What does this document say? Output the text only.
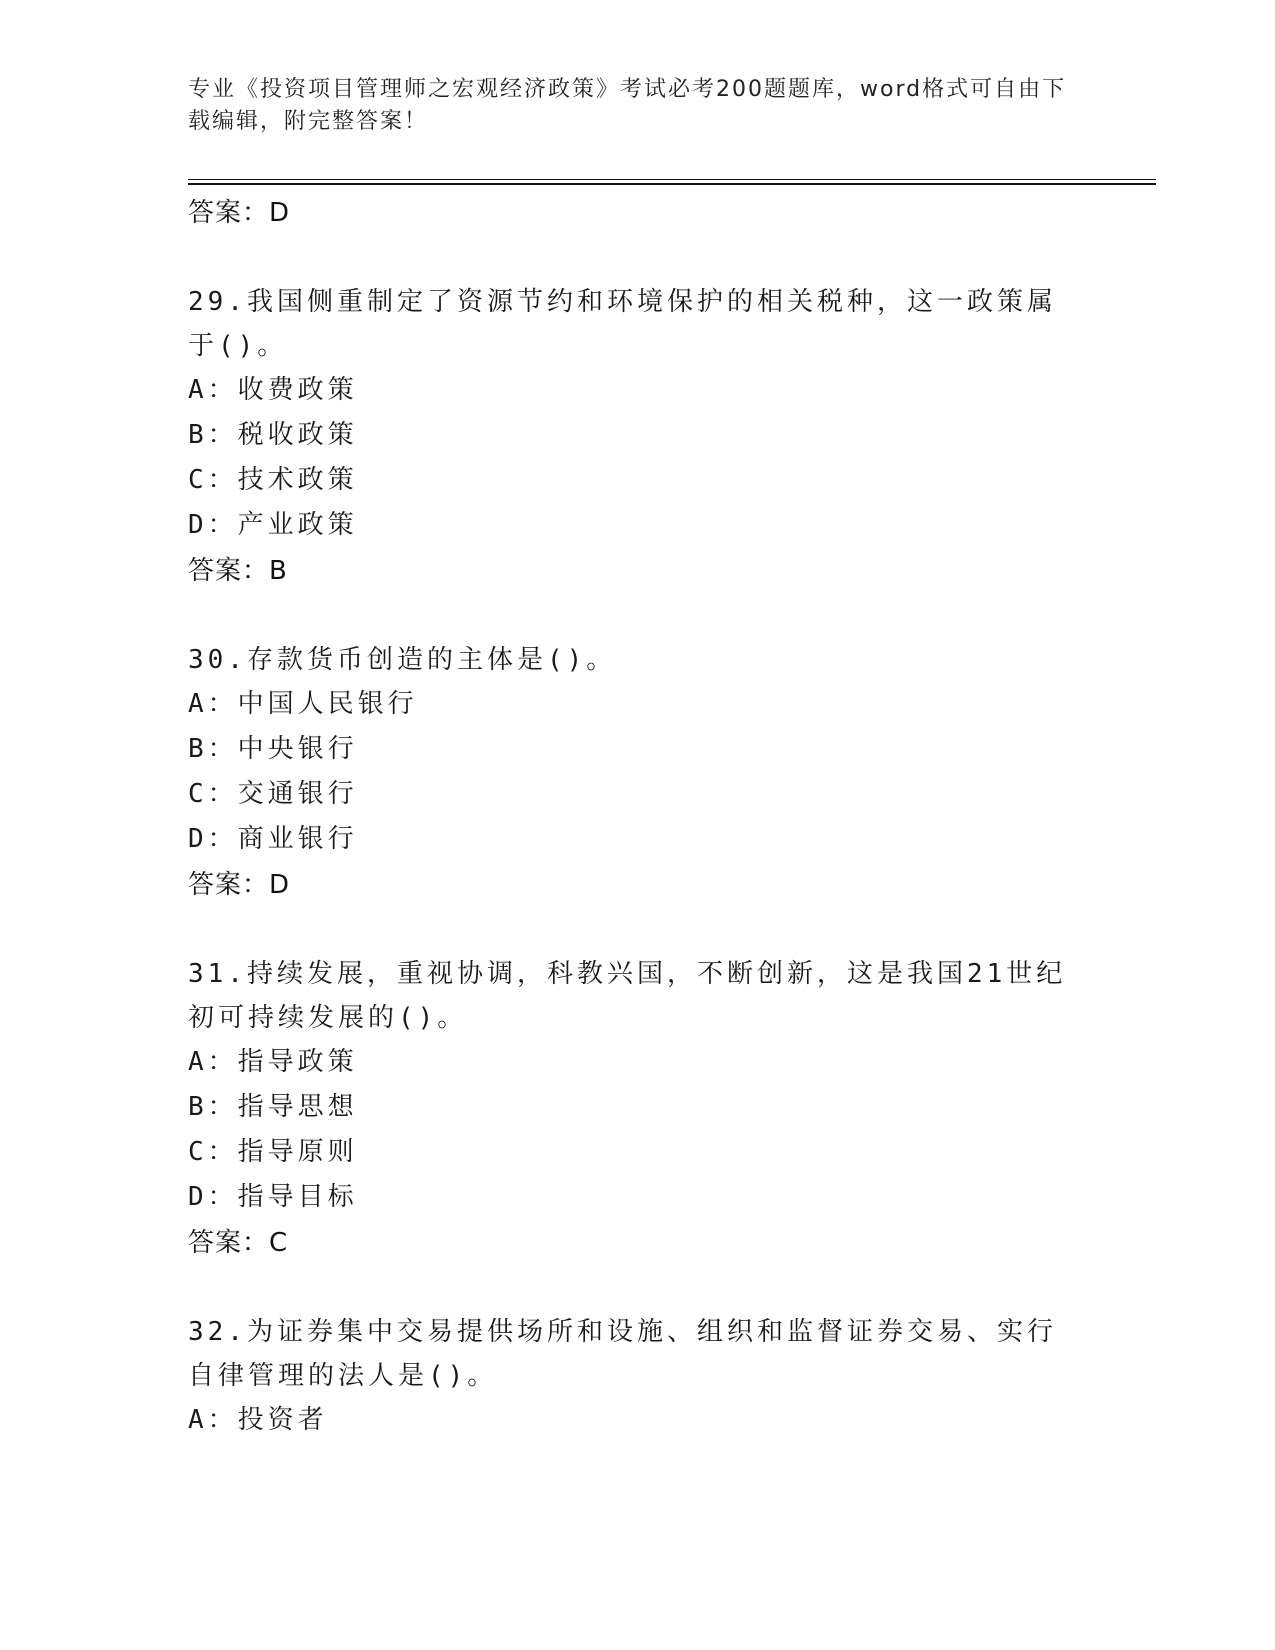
专业《投资项目管理师之宏观经济政策》考试必考200题题库，word格式可自由下载编辑，附完整答案！
答案：D
29.我国侧重制定了资源节约和环境保护的相关税种，这一政策属于()。
A：收费政策
B：税收政策
C：技术政策
D：产业政策
答案：B
30.存款货币创造的主体是()。
A：中国人民银行
B：中央银行
C：交通银行
D：商业银行
答案：D
31.持续发展，重视协调，科教兴国，不断创新，这是我国21世纪初可持续发展的()。
A：指导政策
B：指导思想
C：指导原则
D：指导目标
答案：C
32.为证券集中交易提供场所和设施、组织和监督证券交易、实行自律管理的法人是()。
A：投资者
